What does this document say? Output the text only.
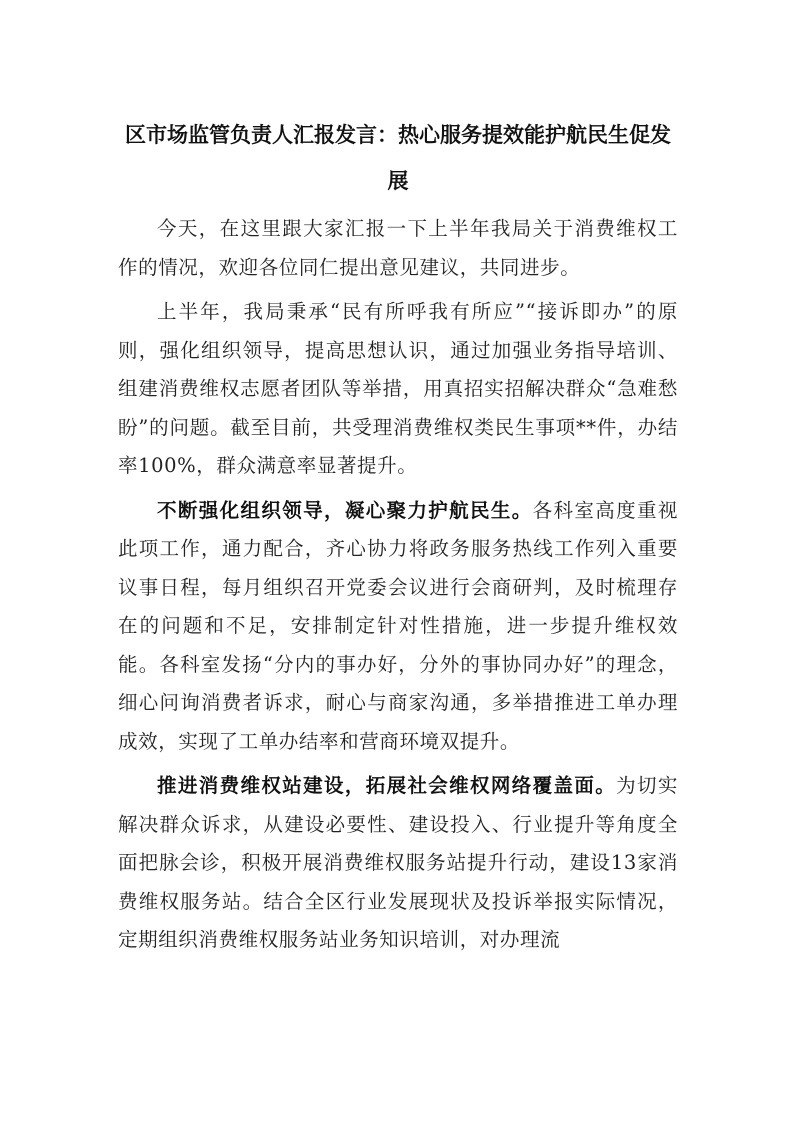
区市场监管负责人汇报发言：热心服务提效能护航民生促发展

今天，在这里跟大家汇报一下上半年我局关于消费维权工作的情况，欢迎各位同仁提出意见建议，共同进步。

上半年，我局秉承“民有所呼我有所应”“接诉即办”的原则，强化组织领导，提高思想认识，通过加强业务指导培训、组建消费维权志愿者团队等举措，用真招实招解决群众“急难愁盼”的问题。截至目前，共受理消费维权类民生事项**件，办结率100%，群众满意率显著提升。

不断强化组织领导，凝心聚力护航民生。各科室高度重视此项工作，通力配合，齐心协力将政务服务热线工作列入重要议事日程，每月组织召开党委会议进行会商研判，及时梳理存在的问题和不足，安排制定针对性措施，进一步提升维权效能。各科室发扬“分内的事办好，分外的事协同办好”的理念，细心问询消费者诉求，耐心与商家沟通，多举措推进工单办理成效，实现了工单办结率和营商环境双提升。

推进消费维权站建设，拓展社会维权网络覆盖面。为切实解决群众诉求，从建设必要性、建设投入、行业提升等角度全面把脉会诊，积极开展消费维权服务站提升行动，建设13家消费维权服务站。结合全区行业发展现状及投诉举报实际情况，定期组织消费维权服务站业务知识培训，对办理流
